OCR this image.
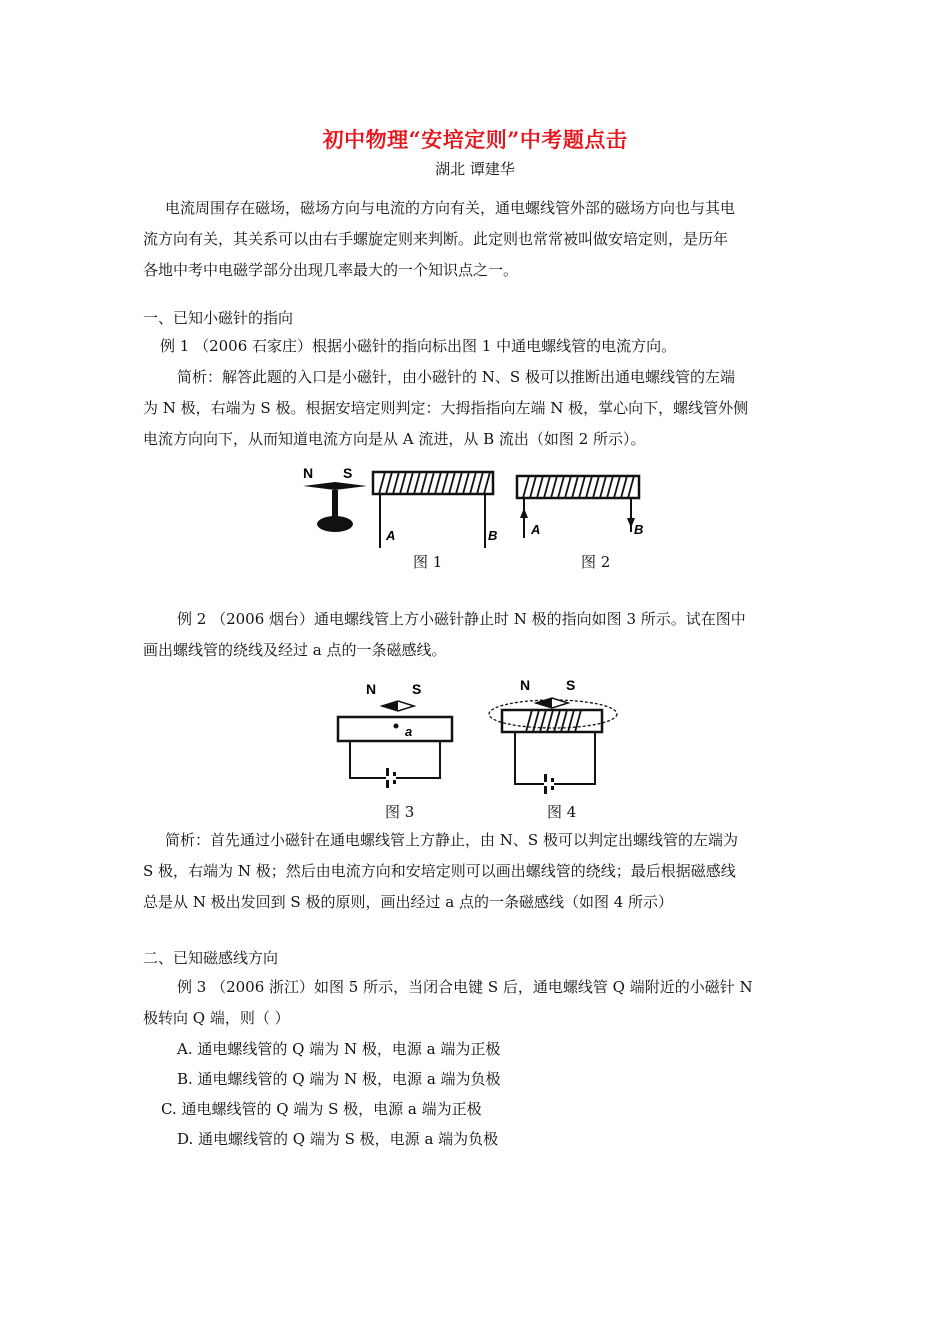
初中物理“安培定则”中考题点击
湖北 谭建华
电流周围存在磁场，磁场方向与电流的方向有关，通电螺线管外部的磁场方向也与其电
流方向有关，其关系可以由右手螺旋定则来判断。此定则也常常被叫做安培定则，是历年
各地中考中电磁学部分出现几率最大的一个知识点之一。
一、已知小磁针的指向
例 1 （2006 石家庄）根据小磁针的指向标出图 1 中通电螺线管的电流方向。
简析：解答此题的入口是小磁针，由小磁针的 N、S 极可以推断出通电螺线管的左端
为 N 极，右端为 S 极。根据安培定则判定：大拇指指向左端 N 极，掌心向下，螺线管外侧
电流方向向下，从而知道电流方向是从 A 流进，从 B 流出（如图 2 所示）。
N S
A	B	A	B
图 1	图 2
例 2 （2006 烟台）通电螺线管上方小磁针静止时 N 极的指向如图 3 所示。试在图中
画出螺线管的绕线及经过 a 点的一条磁感线。
N	S
a
N	S
图 3	图 4
简析：首先通过小磁针在通电螺线管上方静止，由 N、S 极可以判定出螺线管的左端为
S 极，右端为 N 极；然后由电流方向和安培定则可以画出螺线管的绕线；最后根据磁感线
总是从 N 极出发回到 S 极的原则，画出经过 a 点的一条磁感线（如图 4 所示）
二、已知磁感线方向
例 3 （2006 浙江）如图 5 所示，当闭合电键 S 后，通电螺线管 Q 端附近的小磁针 N
极转向 Q 端，则（ ）
A. 通电螺线管的 Q 端为 N 极，电源 a 端为正极
B. 通电螺线管的 Q 端为 N 极，电源 a 端为负极
C. 通电螺线管的 Q 端为 S 极，电源 a 端为正极
D. 通电螺线管的 Q 端为 S 极，电源 a 端为负极
